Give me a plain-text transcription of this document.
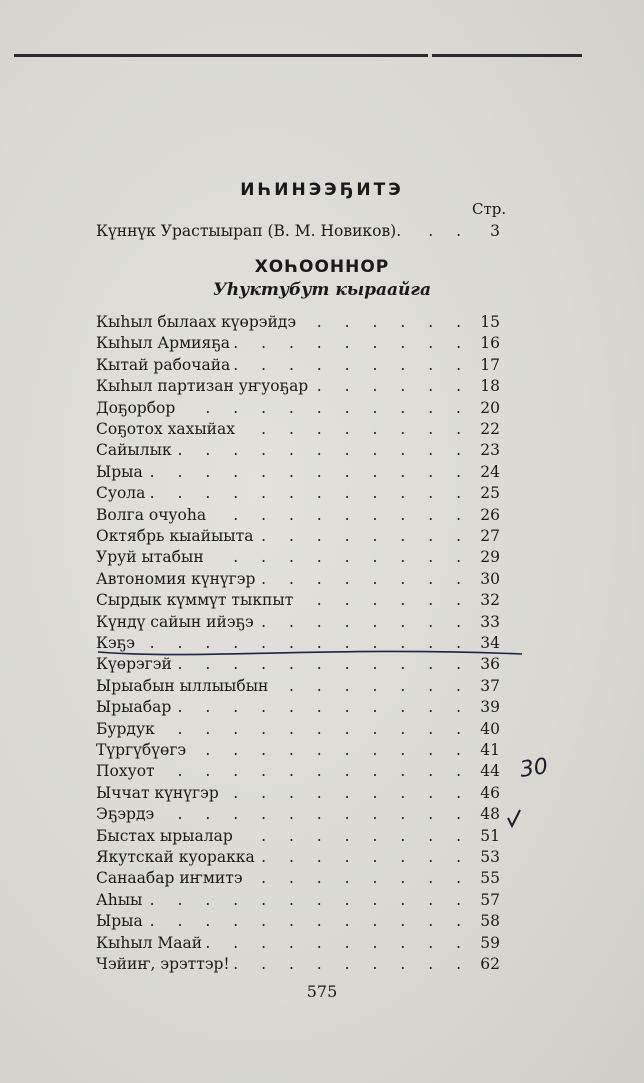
ИҺИНЭЭҔИТЭ
Стр.
Күннүк Урастыырап (В. М. Новиков). . .	3
ХОҺООННОР
Уһуктубут кыраайга
Кыһыл былаах күөрэйдэ . . . . . . 15
Кыһыл Армияҕа . . . . . . . . . 16
Кытай рабочайа . . . . . . . . . 17
Кыһыл партизан уҥуоҕар . . . . . . 18
Доҕорбор . . . . . . . . . . 20
Соҕотох хахыйах . . . . . . . . 22
Сайылык . . . . . . . . . . . 23
Ырыа . . . . . . . . . . . . 24
Суола . . . . . . . . . . . . 25
Волга очуоһа . . . . . . . . . 26
Октябрь кыайыыта . . . . . . . . 27
Уруй ытабын . . . . . . . . . 29
Автономия күнүгэр . . . . . . . . 30
Сырдык күммүт тыкпыт . . . . . . 32
Күндү сайын ийэҕэ . . . . . . . . 33
Кэҕэ . . . . . . . . . . . . 34
Күөрэгэй . . . . . . . . . . . 36
Ырыабын ыллыыбын . . . . . . . 37
Ырыабар . . . . . . . . . . . 39
Бурдук . . . . . . . . . . . 40
Түргүбүөгэ . . . . . . . . . . 41
Похуот . . . . . . . . . . . 44
Ыччат күнүгэр . . . . . . . . . 46
Эҕэрдэ . . . . . . . . . . . 48
Быстах ырыалар . . . . . . . . 51
Якутскай куоракка . . . . . . . . 53
Санаабар иҥмитэ . . . . . . . . 55
Аһыы . . . . . . . . . . . . 57
Ырыа . . . . . . . . . . . . 58
Кыһыл Маай . . . . . . . . . . 59
Чэйиҥ, эрэттэр! . . . . . . . . . 62
30
575
